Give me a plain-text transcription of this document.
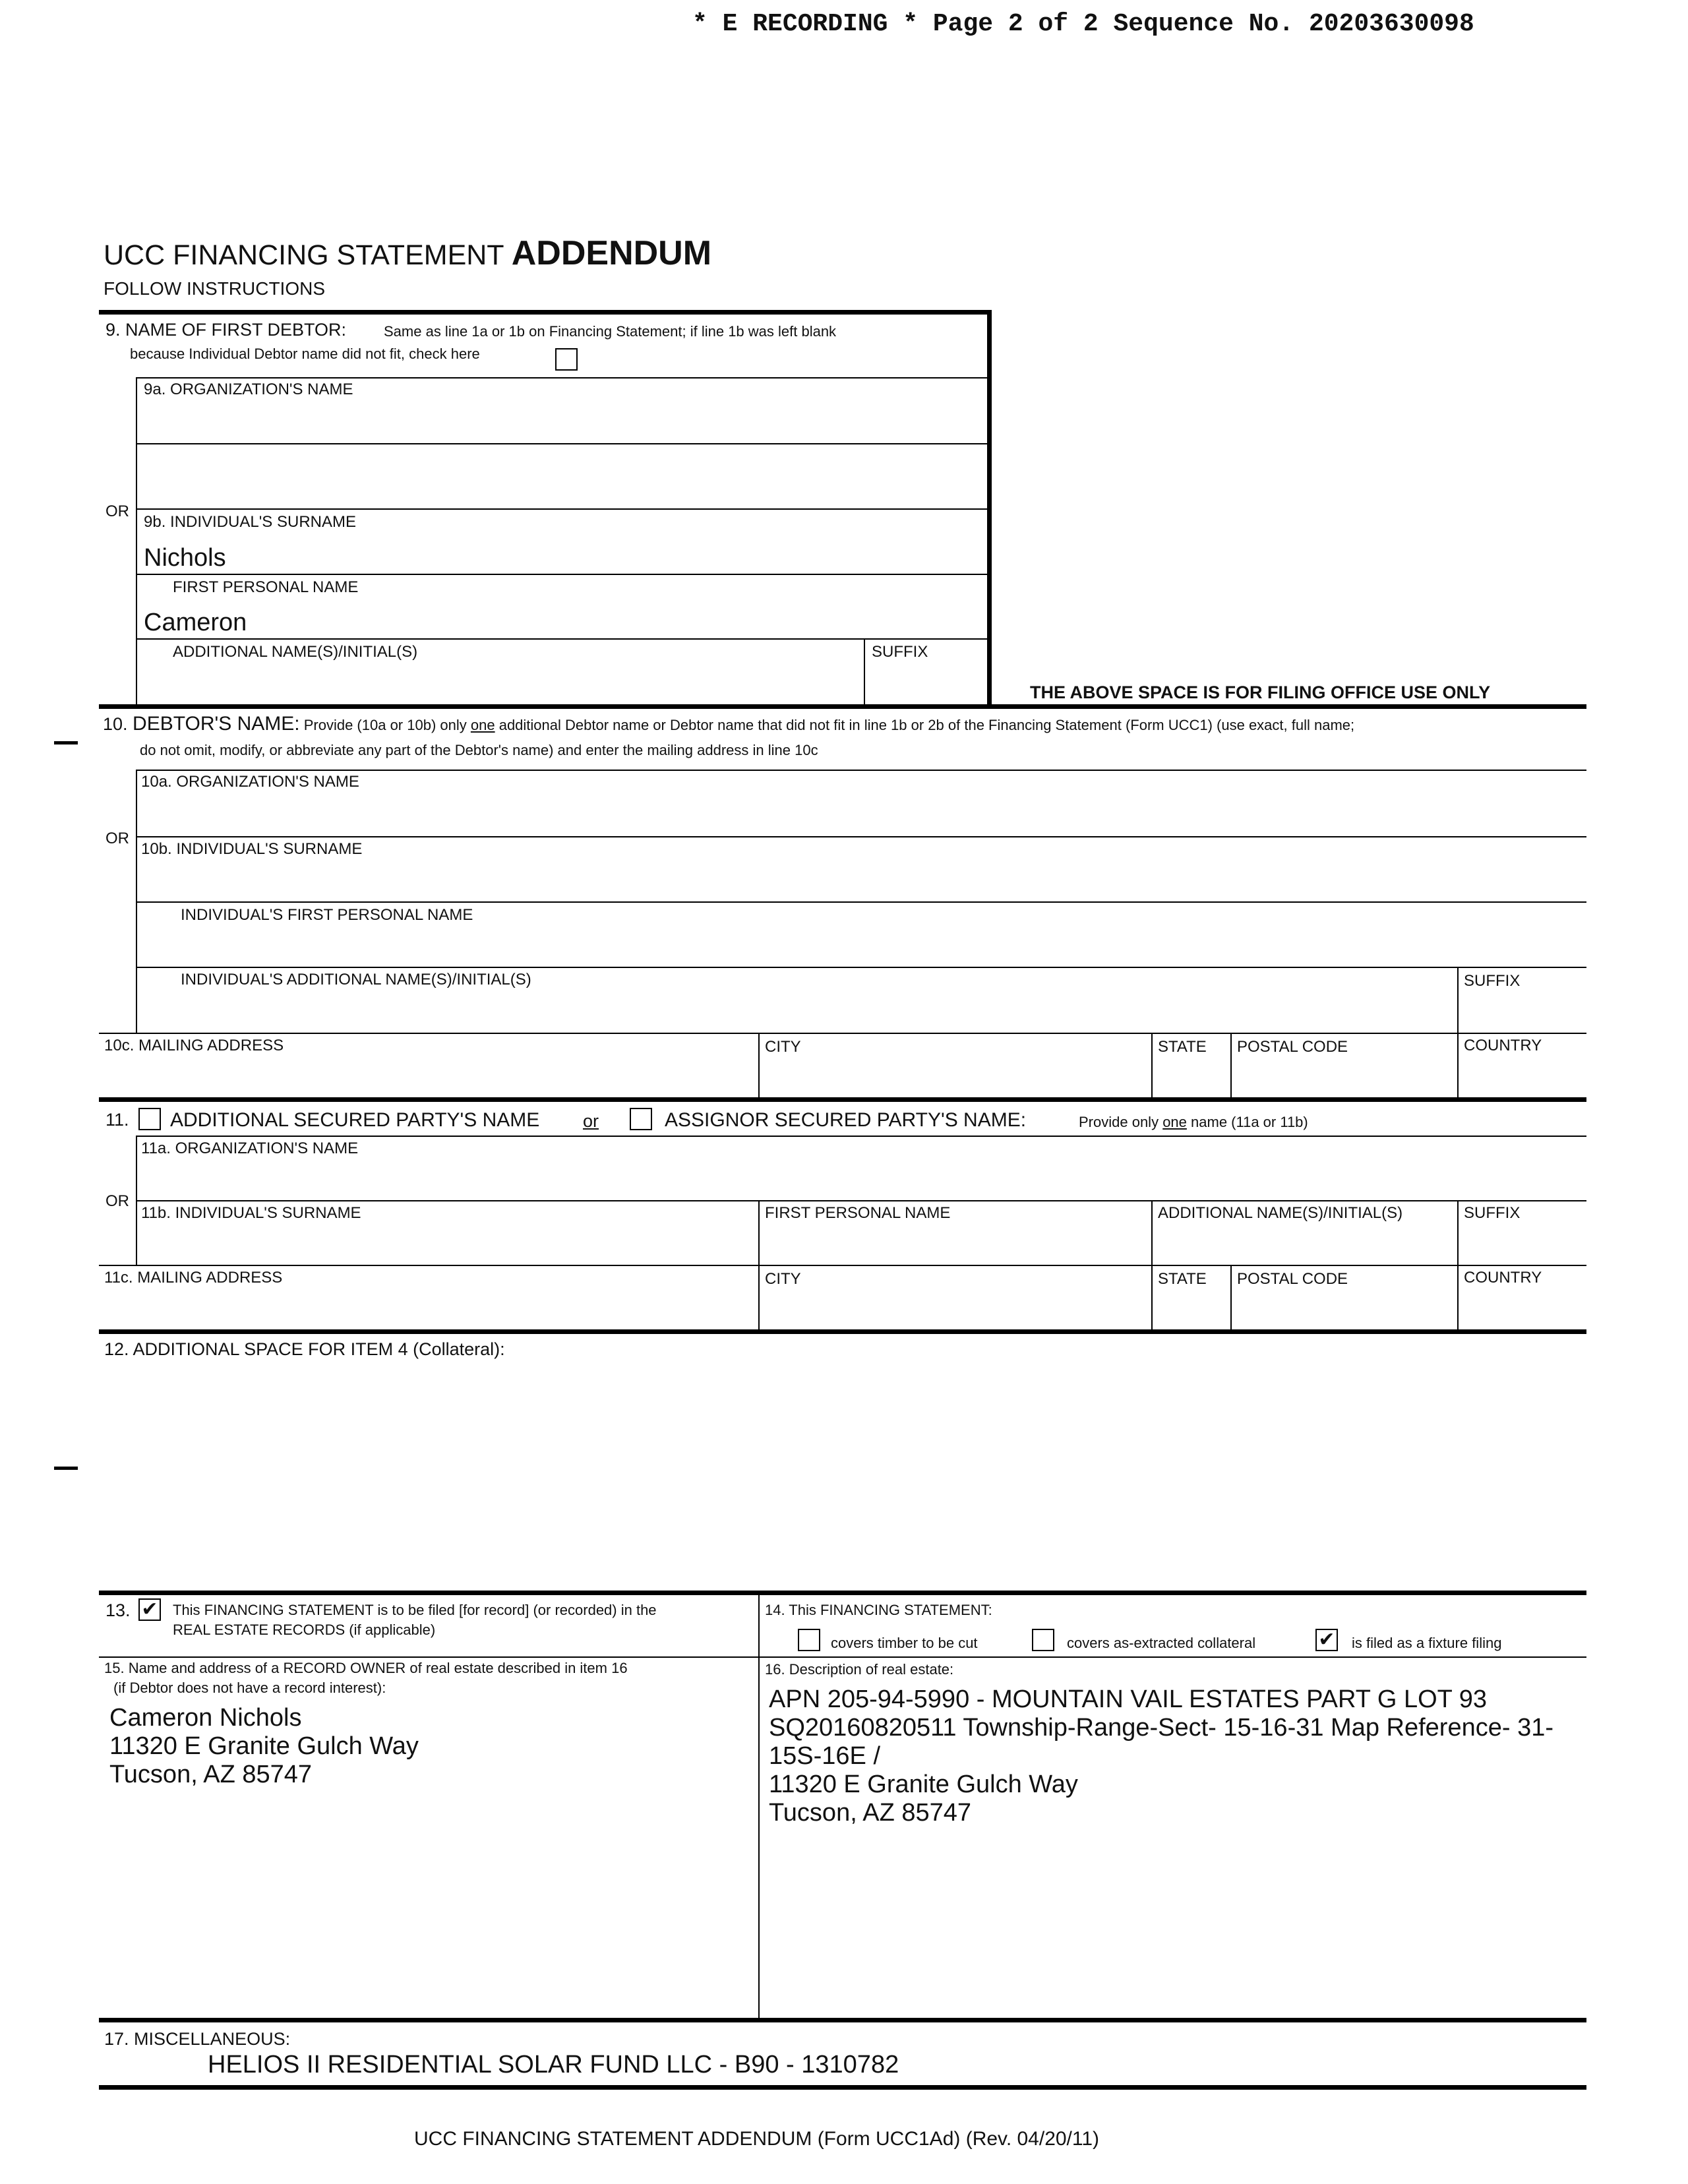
* E RECORDING * Page 2 of 2 Sequence No. 20203630098
UCC FINANCING STATEMENT ADDENDUM
FOLLOW INSTRUCTIONS
9. NAME OF FIRST DEBTOR:	Same as line 1a or 1b on Financing Statement; if line 1b was left blank
because Individual Debtor name did not fit, check here
9a. ORGANIZATION'S NAME
OR
9b. INDIVIDUAL'S SURNAME
Nichols
FIRST PERSONAL NAME
Cameron
ADDITIONAL NAME(S)/INITIAL(S)	SUFFIX
THE ABOVE SPACE IS FOR FILING OFFICE USE ONLY
10. DEBTOR'S NAME: Provide (10a or 10b) only one additional Debtor name or Debtor name that did not fit in line 1b or 2b of the Financing Statement (Form UCC1) (use exact, full name;
do not omit, modify, or abbreviate any part of the Debtor's name) and enter the mailing address in line 10c
10a. ORGANIZATION'S NAME
OR
10b. INDIVIDUAL'S SURNAME
INDIVIDUAL'S FIRST PERSONAL NAME
INDIVIDUAL'S ADDITIONAL NAME(S)/INITIAL(S)	SUFFIX
10c. MAILING ADDRESS	CITY	STATE POSTAL CODE	COUNTRY
11. ADDITIONAL SECURED PARTY'S NAME or	ASSIGNOR SECURED PARTY'S NAME:	Provide only one name (11a or 11b)
11a. ORGANIZATION'S NAME
OR
11b. INDIVIDUAL'S SURNAME	FIRST PERSONAL NAME	ADDITIONAL NAME(S)/INITIAL(S)	SUFFIX
11c. MAILING ADDRESS	CITY	STATE POSTAL CODE	COUNTRY
12. ADDITIONAL SPACE FOR ITEM 4 (Collateral):
13. ✔ This FINANCING STATEMENT is to be filed [for record] (or recorded) in the
REAL ESTATE RECORDS (if applicable)
14. This FINANCING STATEMENT:
covers timber to be cut	covers as-extracted collateral	✔ is filed as a fixture filing
15. Name and address of a RECORD OWNER of real estate described in item 16
(if Debtor does not have a record interest):
Cameron Nichols
11320 E Granite Gulch Way
Tucson, AZ 85747
16. Description of real estate:
APN 205-94-5990 - MOUNTAIN VAIL ESTATES PART G LOT 93
SQ20160820511 Township-Range-Sect- 15-16-31 Map Reference- 31-
15S-16E /
11320 E Granite Gulch Way
Tucson, AZ 85747
17. MISCELLANEOUS:
HELIOS II RESIDENTIAL SOLAR FUND LLC - B90 - 1310782
UCC FINANCING STATEMENT ADDENDUM (Form UCC1Ad) (Rev. 04/20/11)
